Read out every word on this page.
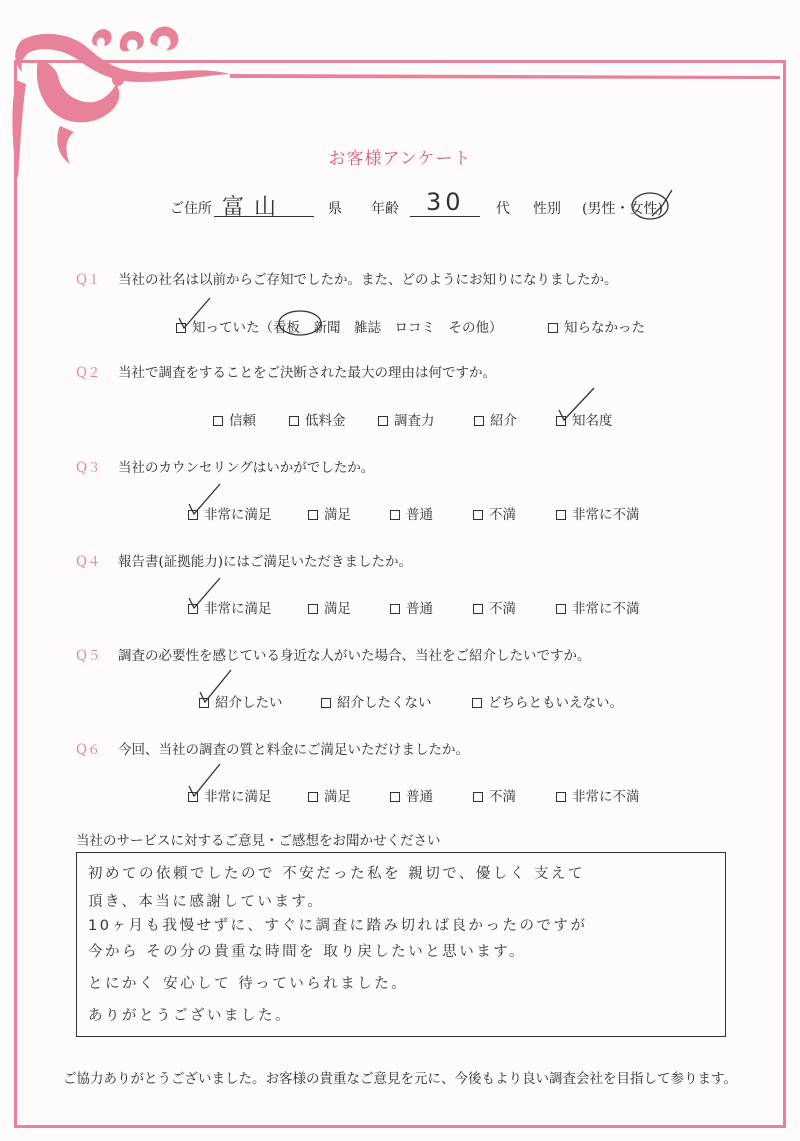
お客様アンケート
ご住所 富山	県 年齢 30 代 性別 (男性・女性)
Q１ 当社の社名は以前からご存知でしたか。また、どのようにお知りになりましたか。
知っていた（看板　新聞　雑誌　ロコミ　その他）	知らなかった
Q２ 当社で調査をすることをご決断された最大の理由は何ですか。
信頼	低料金	調査力	紹介	知名度
Q３ 当社のカウンセリングはいかがでしたか。
非常に満足	満足	普通	不満	非常に不満
Q４ 報告書(証拠能力)にはご満足いただきましたか。
非常に満足	満足	普通	不満	非常に不満
Q５ 調査の必要性を感じている身近な人がいた場合、当社をご紹介したいですか。
紹介したい	紹介したくない	どちらともいえない。
Q６ 今回、当社の調査の質と料金にご満足いただけましたか。
非常に満足	満足	普通	不満	非常に不満
当社のサービスに対するご意見・ご感想をお聞かせください
初めての依頼でしたので 不安だった私を 親切で、優しく 支えて
頂き、本当に感謝しています。
10ヶ月も我慢せずに、すぐに調査に踏み切れば良かったのですが
今から その分の貴重な時間を 取り戻したいと思います。
とにかく 安心して 待っていられました。
ありがとうございました。
ご協力ありがとうございました。お客様の貴重なご意見を元に、今後もより良い調査会社を目指して参ります。
